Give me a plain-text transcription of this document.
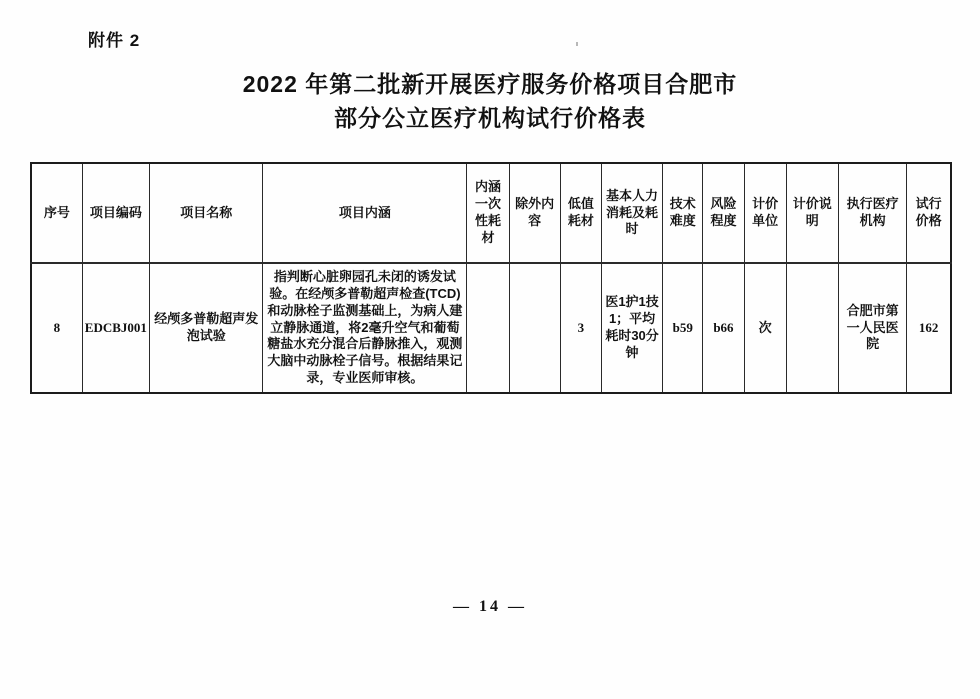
附件 2
2022 年第二批新开展医疗服务价格项目合肥市
部分公立医疗机构试行价格表
序号	项目编码	项目名称	项目内涵	内涵一次性耗材	除外内容	低值耗材	基本人力消耗及耗时	技术难度	风险程度	计价单位	计价说明	执行医疗机构	试行价格
8	EDCBJ001	经颅多普勒超声发泡试验	指判断心脏卵园孔未闭的诱发试验。在经颅多普勒超声检查(TCD)和动脉栓子监测基础上，为病人建立静脉通道，将2毫升空气和葡萄糖盐水充分混合后静脉推入，观测大脑中动脉栓子信号。根据结果记录，专业医师审核。			3	医1护1技1；平均耗时30分钟	b59	b66	次		合肥市第一人民医院	162
— 14 —
